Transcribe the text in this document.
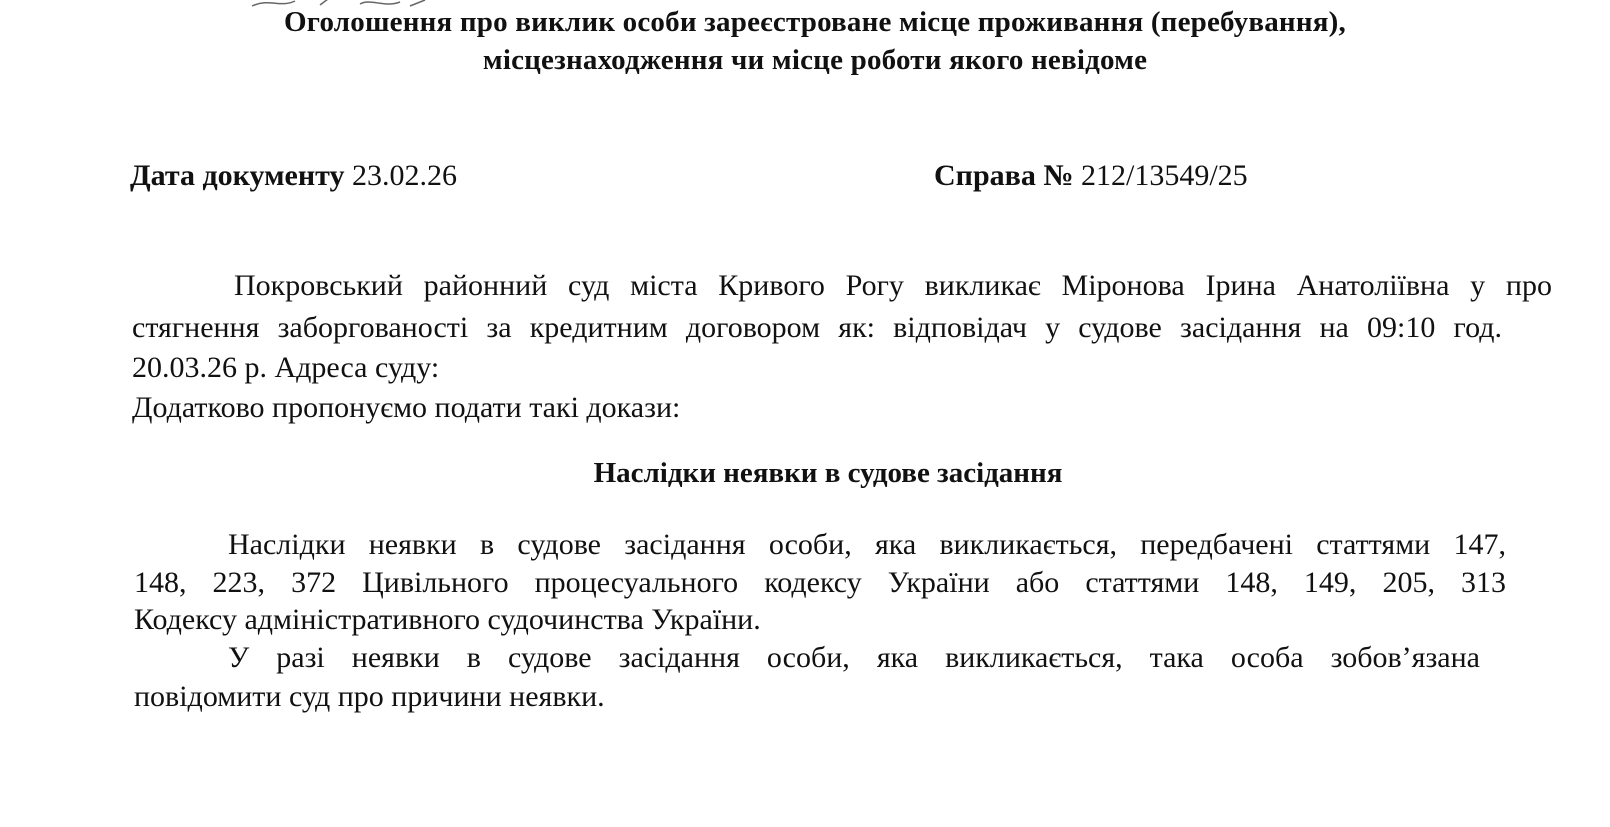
Оголошення про виклик особи зареєстроване місце проживання (перебування),
місцезнаходження чи місце роботи якого невідоме
Дата документу 23.02.26	Справа № 212/13549/25
Покровський районний суд міста Кривого Рогу викликає Міронова Ірина Анатоліївна у про
стягнення заборгованості за кредитним договором як: відповідач у судове засідання на 09:10 год.
20.03.26 р. Адреса суду:
Додатково пропонуємо подати такі докази:
Наслідки неявки в судове засідання
Наслідки неявки в судове засідання особи, яка викликається, передбачені статтями 147,
148, 223, 372 Цивільного процесуального кодексу України або статтями 148, 149, 205, 313
Кодексу адміністративного судочинства України.
У разі неявки в судове засідання особи, яка викликається, така особа зобов’язана
повідомити суд про причини неявки.
